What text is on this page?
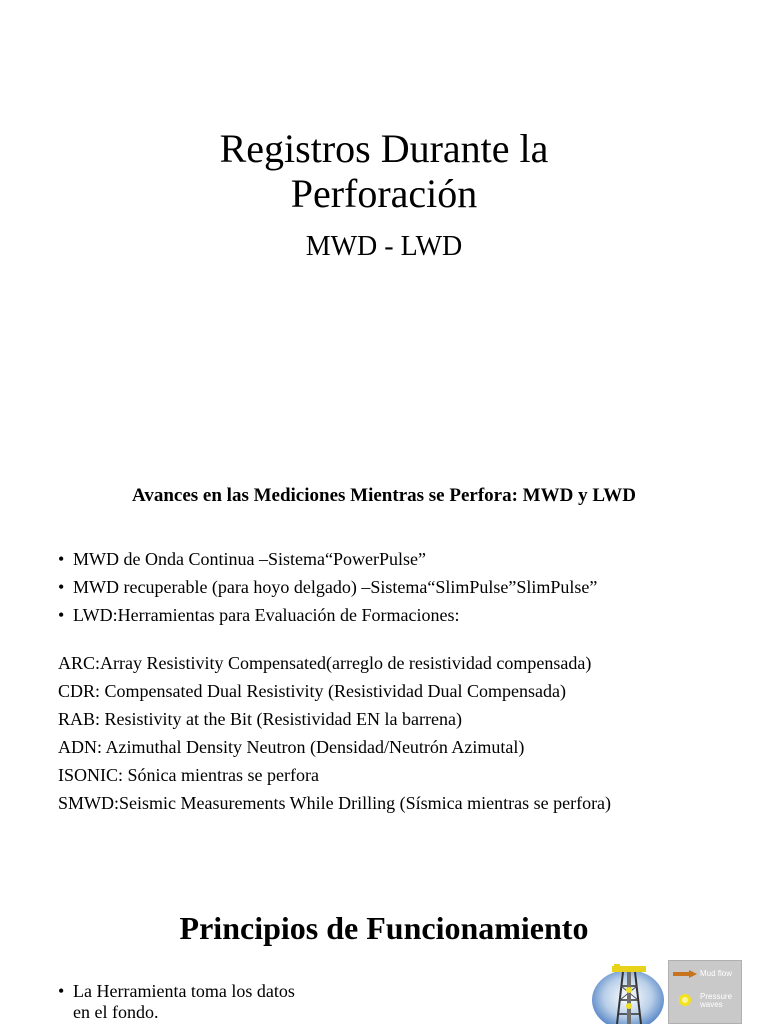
Registros Durante la
Perforación
MWD - LWD
Avances en las Mediciones Mientras se Perfora: MWD y LWD
• MWD de Onda Continua –Sistema“PowerPulse”
• MWD recuperable (para hoyo delgado) –Sistema“SlimPulse”SlimPulse”
• LWD:Herramientas para Evaluación de Formaciones:
ARC:Array Resistivity Compensated(arreglo de resistividad compensada)
CDR: Compensated Dual Resistivity (Resistividad Dual Compensada)
RAB: Resistivity at the Bit (Resistividad EN la barrena)
ADN: Azimuthal Density Neutron (Densidad/Neutrón Azimutal)
ISONIC: Sónica mientras se perfora
SMWD:Seismic Measurements While Drilling (Sísmica mientras se perfora)
Principios de Funcionamiento
• La Herramienta toma los datos
en el fondo.
Mud flow
Pressure waves
